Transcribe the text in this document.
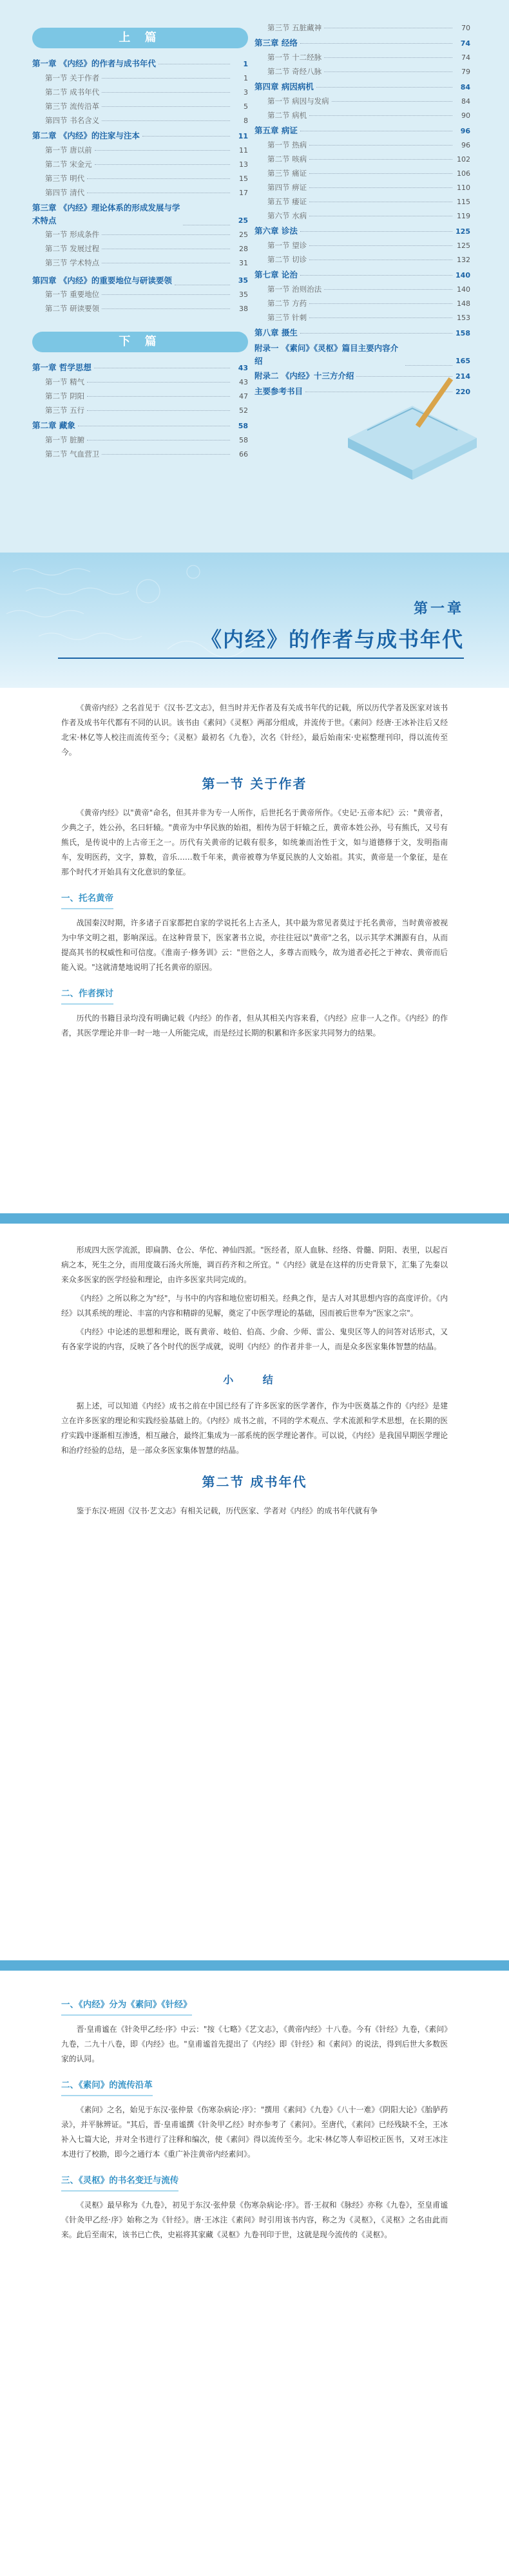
上 篇
第一章 《内经》的作者与成书年代	1
第一节 关于作者	1
第二节 成书年代	3
第三节 流传沿革	5
第四节 书名含义	8
第二章 《内经》的注家与注本	11
第一节 唐以前	11
第二节 宋金元	13
第三节 明代	15
第四节 清代	17
第三章 《内经》理论体系的形成发展与学术特点	25
第一节 形成条件	25
第二节 发展过程	28
第三节 学术特点	31
第四章 《内经》的重要地位与研读要领	35
第一节 重要地位	35
第二节 研读要领	38
下 篇
第一章 哲学思想	43
第一节 精气	43
第二节 阴阳	47
第三节 五行	52
第二章 藏象	58
第一节 脏腑	58
第二节 气血营卫	66
第三节 五脏藏神	70
第三章 经络	74
第一节 十二经脉	74
第二节 奇经八脉	79
第四章 病因病机	84
第一节 病因与发病	84
第二节 病机	90
第五章 病证	96
第一节 热病	96
第二节 咳病	102
第三节 痛证	106
第四节 痹证	110
第五节 痿证	115
第六节 水病	119
第六章 诊法	125
第一节 望诊	125
第二节 切诊	132
第七章 论治	140
第一节 治则治法	140
第二节 方药	148
第三节 针刺	153
第八章 摄生	158
附录一 《素问》《灵枢》篇目主要内容介绍	165
附录二 《内经》十三方介绍	214
主要参考书目	220
第一章
《内经》的作者与成书年代

《黄帝内经》之名首见于《汉书·艺文志》，但当时并无作者及有关成书年代的记载，所以历代学者及医家对该书作者及成书年代都有不同的认识。该书由《素问》《灵枢》两部分组成，并流传于世。《素问》经唐·王冰补注后又经北宋·林亿等人校注而流传至今；《灵枢》最初名《九卷》，次名《针经》，最后始南宋·史崧整理刊印，得以流传至今。

第一节 关于作者

《黄帝内经》以"黄帝"命名，但其并非为专一人所作，后世托名于黄帝所作。《史记·五帝本纪》云："黄帝者，少典之子，姓公孙，名曰轩辕。"黄帝为中华民族的始祖，相传为居于轩辕之丘，黄帝本姓公孙，号有熊氏，又号有熊氏，是传说中的上古帝王之一。历代有关黄帝的记载有很多，如统兼而治性于文，如与道德修于文，发明指南车，发明医药，文字，算数，音乐……数千年来，黄帝被尊为华夏民族的人文始祖。其实，黄帝是一个象征，是在那个时代才开始具有文化意识的象征。

一、托名黄帝

战国秦汉时期，许多诸子百家都把自家的学说托名上古圣人，其中最为常见者莫过于托名黄帝，当时黄帝被视为中华文明之祖，影响深远。在这种背景下，医家著书立说，亦往往冠以"黄帝"之名，以示其学术渊源有自，从而提高其书的权威性和可信度。《淮南子·修务训》云："世俗之人，多尊古而贱今，故为道者必托之于神农、黄帝而后能入说。"这就清楚地说明了托名黄帝的原因。

二、作者探讨

历代的书籍目录均没有明确记载《内经》的作者，但从其相关内容来看，《内经》应非一人之作。《内经》的作者，其医学理论并非一时一地一人所能完成，而是经过长期的积累和许多医家共同努力的结果。

形成四大医学流派，即扁鹊、仓公、华佗、神仙四派。"医经者，原人血脉、经络、骨髓、阴阳、表里，以起百病之本，死生之分，而用度箴石汤火所施，调百药齐和之所宜。"《内经》就是在这样的历史背景下，汇集了先秦以来众多医家的医学经验和理论，由许多医家共同完成的。

《内经》之所以称之为"经"，与书中的内容和地位密切相关。经典之作，是古人对其思想内容的高度评价。《内经》以其系统的理论、丰富的内容和精辟的见解，奠定了中医学理论的基础，因而被后世奉为"医家之宗"。

《内经》中论述的思想和理论，既有黄帝、岐伯、伯高、少俞、少师、雷公、鬼臾区等人的问答对话形式，又有各家学说的内容，反映了各个时代的医学成就，说明《内经》的作者并非一人，而是众多医家集体智慧的结晶。

小 结

据上述，可以知道《内经》成书之前在中国已经有了许多医家的医学著作，作为中医奠基之作的《内经》是建立在许多医家的理论和实践经验基础上的。《内经》成书之前，不同的学术观点、学术流派和学术思想，在长期的医疗实践中逐渐相互渗透，相互融合，最终汇集成为一部系统的医学理论著作。可以说，《内经》是我国早期医学理论和治疗经验的总结，是一部众多医家集体智慧的结晶。

第二节 成书年代

鉴于东汉·班固《汉书·艺文志》有相关记载，历代医家、学者对《内经》的成书年代就有争

一、《内经》分为《素问》《针经》

晋·皇甫谧在《针灸甲乙经·序》中云："按《七略》《艺文志》，《黄帝内经》十八卷。今有《针经》九卷，《素问》九卷，二九十八卷，即《内经》也。"皇甫谧首先提出了《内经》即《针经》和《素问》的说法，得到后世大多数医家的认同。

二、《素问》的流传沿革

《素问》之名，始见于东汉·张仲景《伤寒杂病论·序》："撰用《素问》《九卷》《八十一难》《阴阳大论》《胎胪药录》，并平脉辨证。"其后，晋·皇甫谧撰《针灸甲乙经》时亦参考了《素问》。至唐代，《素问》已经残缺不全，王冰补入七篇大论，并对全书进行了注释和编次，使《素问》得以流传至今。北宋·林亿等人奉诏校正医书，又对王冰注本进行了校勘，即今之通行本《重广补注黄帝内经素问》。

三、《灵枢》的书名变迁与流传

《灵枢》最早称为《九卷》，初见于东汉·张仲景《伤寒杂病论·序》。晋·王叔和《脉经》亦称《九卷》，至皇甫谧《针灸甲乙经·序》始称之为《针经》。唐·王冰注《素问》时引用该书内容，称之为《灵枢》，《灵枢》之名由此而来。此后至南宋，该书已亡佚，史崧将其家藏《灵枢》九卷刊印于世，这就是现今流传的《灵枢》。
